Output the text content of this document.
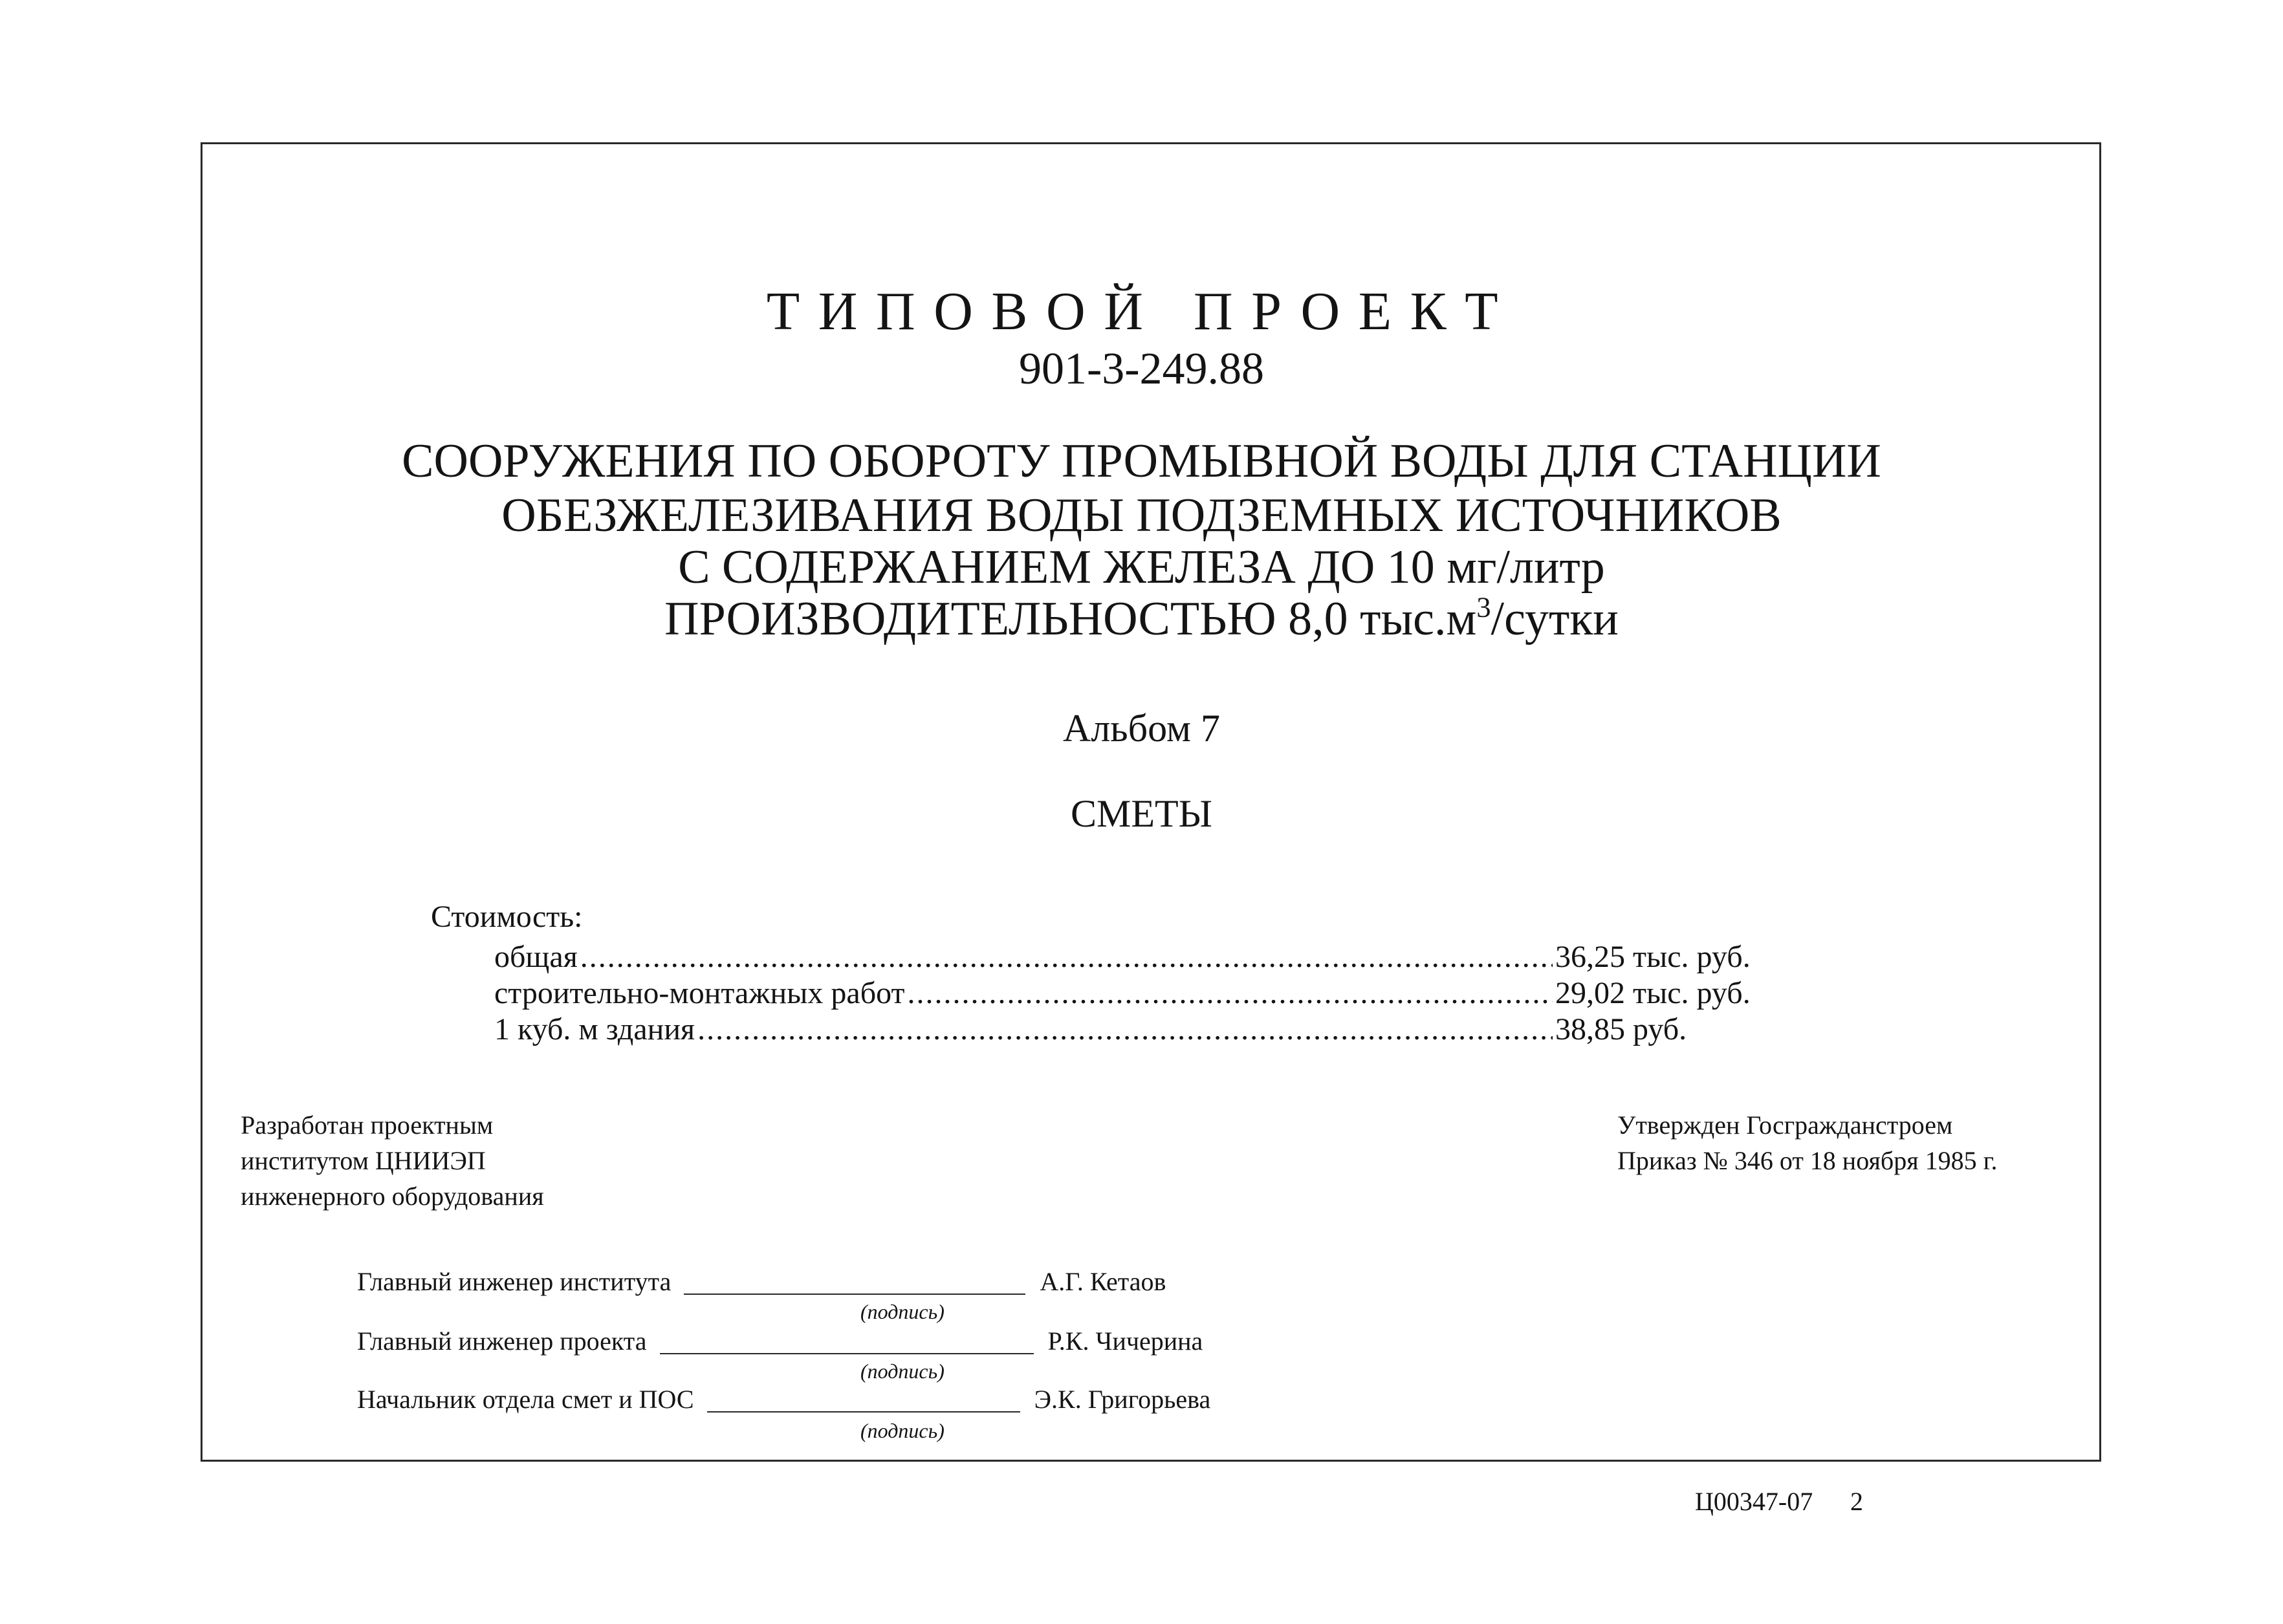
ТИПОВОЙ ПРОЕКТ
901-3-249.88
СООРУЖЕНИЯ ПО ОБОРОТУ ПРОМЫВНОЙ ВОДЫ ДЛЯ СТАНЦИИ
ОБЕЗЖЕЛЕЗИВАНИЯ ВОДЫ ПОДЗЕМНЫХ ИСТОЧНИКОВ
С СОДЕРЖАНИЕМ ЖЕЛЕЗА ДО 10 мг/литр
ПРОИЗВОДИТЕЛЬНОСТЬЮ 8,0 $тыс.м^3$/сутки
Альбом 7
СМЕТЫ
Стоимость:
общая .....	36,25 тыс. руб.
строительно-монтажных работ .....	29,02 тыс. руб.
1 куб. м здания .....	38,85 руб.
Разработан проектным
институтом ЦНИИЭП
инженерного оборудования
Утвержден Госгражданстроем
Приказ № 346 от 18 ноября 1985 г.
Главный инженер института	А.Г. Кетаов
(подпись)
Главный инженер проекта	Р.К. Чичерина
(подпись)
Начальник отдела смет и ПОС	Э.К. Григорьева
(подпись)
Ц00347-07 2
